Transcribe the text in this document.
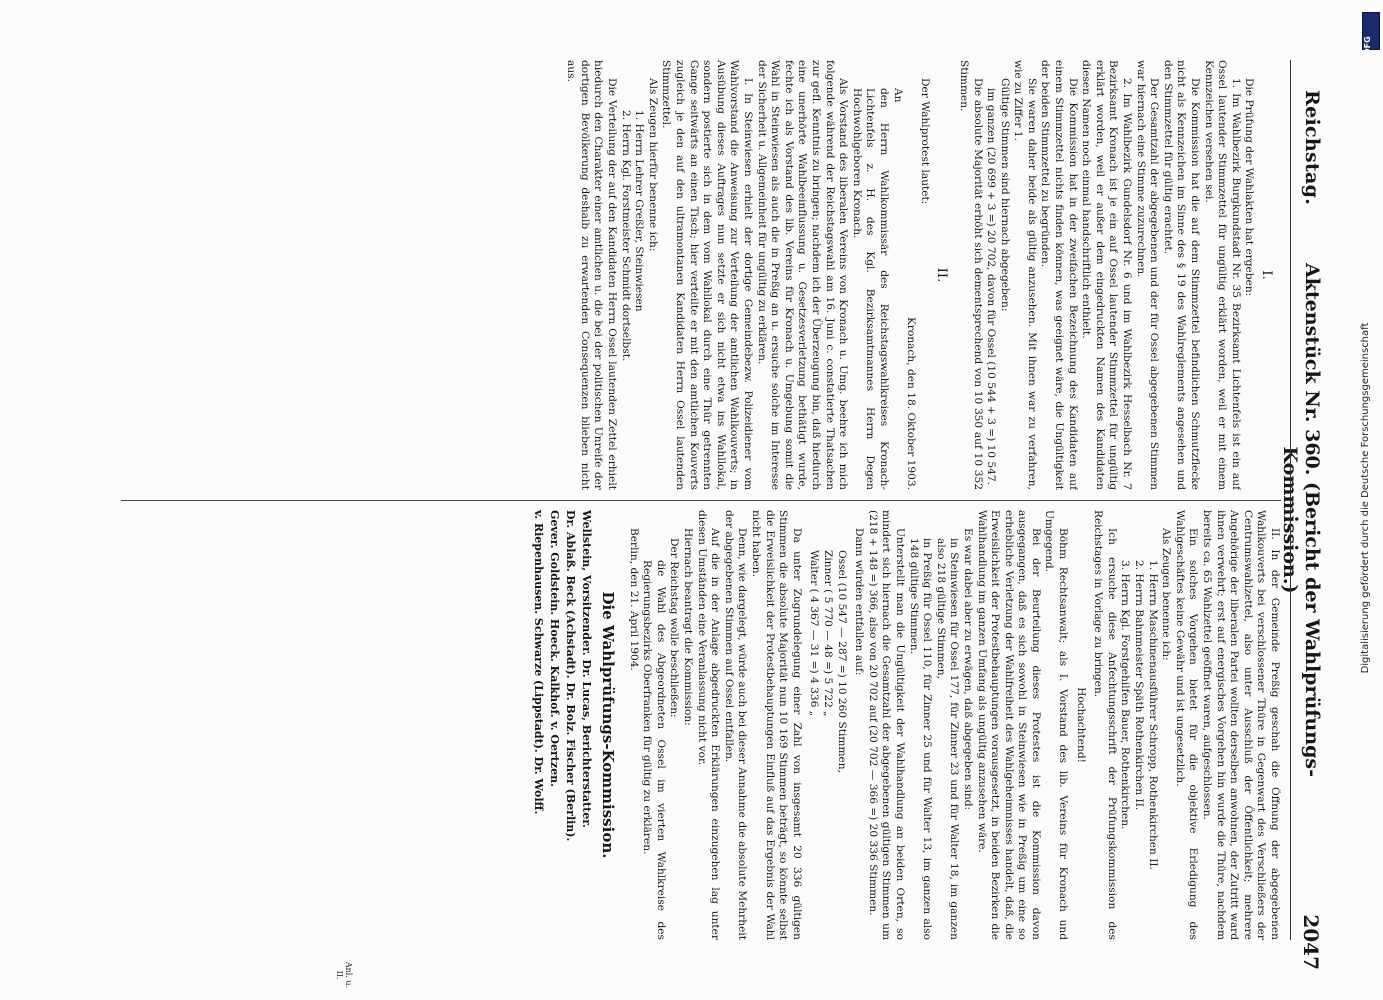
Reichstag.
Aktenstück Nr. 360. (Bericht der Wahlprüfungs-Kommission.)
2047

I.

Die Prüfung der Wahlakten hat ergeben:

1. Im Wahlbezirk Burgkundstadt Nr. 35 Bezirksamt Lichtenfels ist ein auf Ossel lautender Stimmzettel für ungültig erklärt worden, weil er mit einem Kennzeichen versehen sei.

Die Kommission hat die auf dem Stimmzettel befindlichen Schmutzflecke nicht als Kennzeichen im Sinne des § 19 des Wahlreglements angesehen und den Stimmzettel für gültig erachtet.

Der Gesamtzahl der abgegebenen und der für Ossel abgegebenen Stimmen war hiernach eine Stimme zuzurechnen.

2. Im Wahlbezirk Gundelsdorf Nr. 6 und im Wahlbezirk Hesselbach Nr. 7 Bezirksamt Kronach ist je ein auf Ossel lautender Stimmzettel für ungültig erklärt worden, weil er außer dem eingedruckten Namen des Kandidaten diesen Namen noch einmal handschriftlich enthielt.

Die Kommission hat in der zweifachen Bezeichnung des Kandidaten auf einem Stimmzettel nichts finden können, was geeignet wäre, die Ungültigkeit der beiden Stimmzettel zu begründen.

Sie waren daher beide als gültig anzusehen. Mit ihnen war zu verfahren, wie zu Ziffer 1.

Gültige Stimmen sind hiernach abgegeben:

im ganzen (20 699 + 3 =) 20 702, davon für Ossel (10 544 + 3 =) 10 547.

Die absolute Majorität erhöht sich dementsprechend von 10 350 auf 10 352 Stimmen.

II.

Der Wahlprotest lautet:

Kronach, den 18. Oktober 1903.

An

den Herrn Wahlkommissär des Reichstagswahlkreises Kronach-Lichtenfels z. H. des Kgl. Bezirksamtmannes Herrn Degen Hochwohlgeboren Kronach.

Als Vorstand des liberalen Vereins von Kronach u. Umg. beehre ich mich folgende während der Reichstagswahl am 16. Juni c. constatierte Thatsachen zur gefl. Kenntnis zu bringen; nachdem ich der Überzeugung bin, daß hiedurch eine unerhörte Wahlbeeinflussung u. Gesetzesverletzung bethätigt wurde, fechte ich als Vorstand des lib. Vereins für Kronach u. Umgebung somit die Wahl in Steinwiesen als auch die in Preßig an u. ersuche solche im Interesse der Sicherheit u. Allgemeinheit für ungültig zu erklären.

I. In Steinwiesen erhielt der dortige Gemeindebezw. Polizeidiener vom Wahlvorstand die Anweisung zur Verteilung der amtlichen Wahlkouverts; in Ausübung dieses Auftrages nun setzte er sich nicht etwa ins Wahllokal, sondern postierte sich in dem vom Wahllokal durch eine Thür getrennten Gange seitwärts an einen Tisch; hier verteilte er mit den amtlichen Kouverts zugleich je den auf den ultramontanen Kandidaten Herrn Ossel lautenden Stimmzettel.

Als Zeugen hierfür benenne ich:

1. Herrn Lehrer Greßler, Steinwiesen

2. Herrn Kgl. Forstmeister Schmidt dortselbst.

Die Verteilung der auf den Kandidaten Herrn Ossel lautenden Zettel erhielt hiedurch den Charakter einer amtlichen u. die bei der politischen Unreife der dortigen Bevölkerung deshalb zu erwartenden Consequenzen blieben nicht aus.

II. In der Gemeinde Preßig geschah die Öffnung der abgegebenen Wahlkouverts bei verschlossener Thüre in Gegenwart des Verschließers der Centrumswahlzettel, also unter Ausschluß der Öffentlichkeit; mehrere Angehörige der liberalen Partei wollten derselben anwohnen, der Zutritt ward ihnen verwehrt; erst auf energisches Vorgehen hin wurde die Thüre, nachdem bereits ca. 65 Wahlzettel geöffnet waren, aufgeschlossen.

Ein solches Vorgehen bietet für die objektive Erledigung des Wahlgeschäftes keine Gewähr und ist ungesetzlich.

Als Zeugen benenne ich:

1. Herrn Maschinenausführer Schropp, Rothenkirchen II.

2. Herrn Bahnmeister Späth Rothenkirchen II.

3. Herrn Kgl. Forstgehilfen Bauer, Rothenkirchen.

Ich ersuche diese Anfechtungsschrift der Prüfungskommission des Reichstages in Vorlage zu bringen.

Hochachtend!

Böhm Rechtsanwalt; als I. Vorstand des lib. Vereins für Kronach und Umgegend.

Bei der Beurteilung dieses Protestes ist die Kommission davon ausgegangen, daß es sich sowohl in Steinwiesen wie in Preßig um eine so erhebliche Verletzung der Wahlfreiheit des Wahlgeheimnisses handelt, daß, die Erweislichkeit der Protestbehauptungen vorausgesetzt, in beiden Bezirken die Wahlhandlung im ganzen Umfang als ungültig anzusehen wäre.

Es war dabei aber zu erwägen, daß abgegeben sind:

in Steinwiesen für Ossel 177, für Zinner 23 und für Walter 18, im ganzen also 218 gültige Stimmen,

in Preßig für Ossel 110, für Zinner 25 und für Walter 13, im ganzen also 148 gültige Stimmen.

Unterstellt man die Ungültigkeit der Wahlhandlung an beiden Orten, so mindert sich hiernach die Gesamtzahl der abgegebenen gültigen Stimmen um (218 + 148 =) 366, also von 20 702 auf (20 702 — 366 =) 20 336 Stimmen.

Dann würden entfallen auf:

Ossel (10 547 — 287 =) 10 260 Stimmen,
Zinner ( 5 770 — 48 =) 5 722 „
Walter ( 4 367 — 31 =) 4 336 „

Da unter Zugrundelegung einer Zahl von insgesamt 20 336 gültigen Stimmen die absolute Majorität nun 10 169 Stimmen beträgt, so könnte selbst die Erweislichkeit der Protestbehauptungen Einfluß auf das Ergebnis der Wahl nicht haben.

Denn, wie dargelegt, würde auch bei dieser Annahme die absolute Mehrheit der abgegebenen Stimmen auf Ossel entfallen.

Auf die in der Anlage abgedruckten Erklärungen einzugehen lag unter diesen Umständen eine Veranlassung nicht vor.

Hiernach beantragt die Kommission:

Der Reichstag wolle beschließen:

die Wahl des Abgeordneten Ossel im vierten Wahlkreise des Regierungsbezirks Oberfranken für gültig zu erklären.

Berlin, den 21. April 1904.

Die Wahlprüfungs-Kommission.
Wellstein, Vorsitzender. Dr. Lucas, Berichterstatter.
Dr. Ablaß. Beck (Achstadt). Dr. Bolz. Fischer (Berlin).
Gever. Goldstein. Hoeck. Kalkhof. v. Oertzen.
v. Riepenhausen. Schwarze (Lippstadt). Dr. Wolff.
Anl. u. II.
DFG
Digitalisierung gefördert durch die Deutsche Forschungsgemeinschaft
